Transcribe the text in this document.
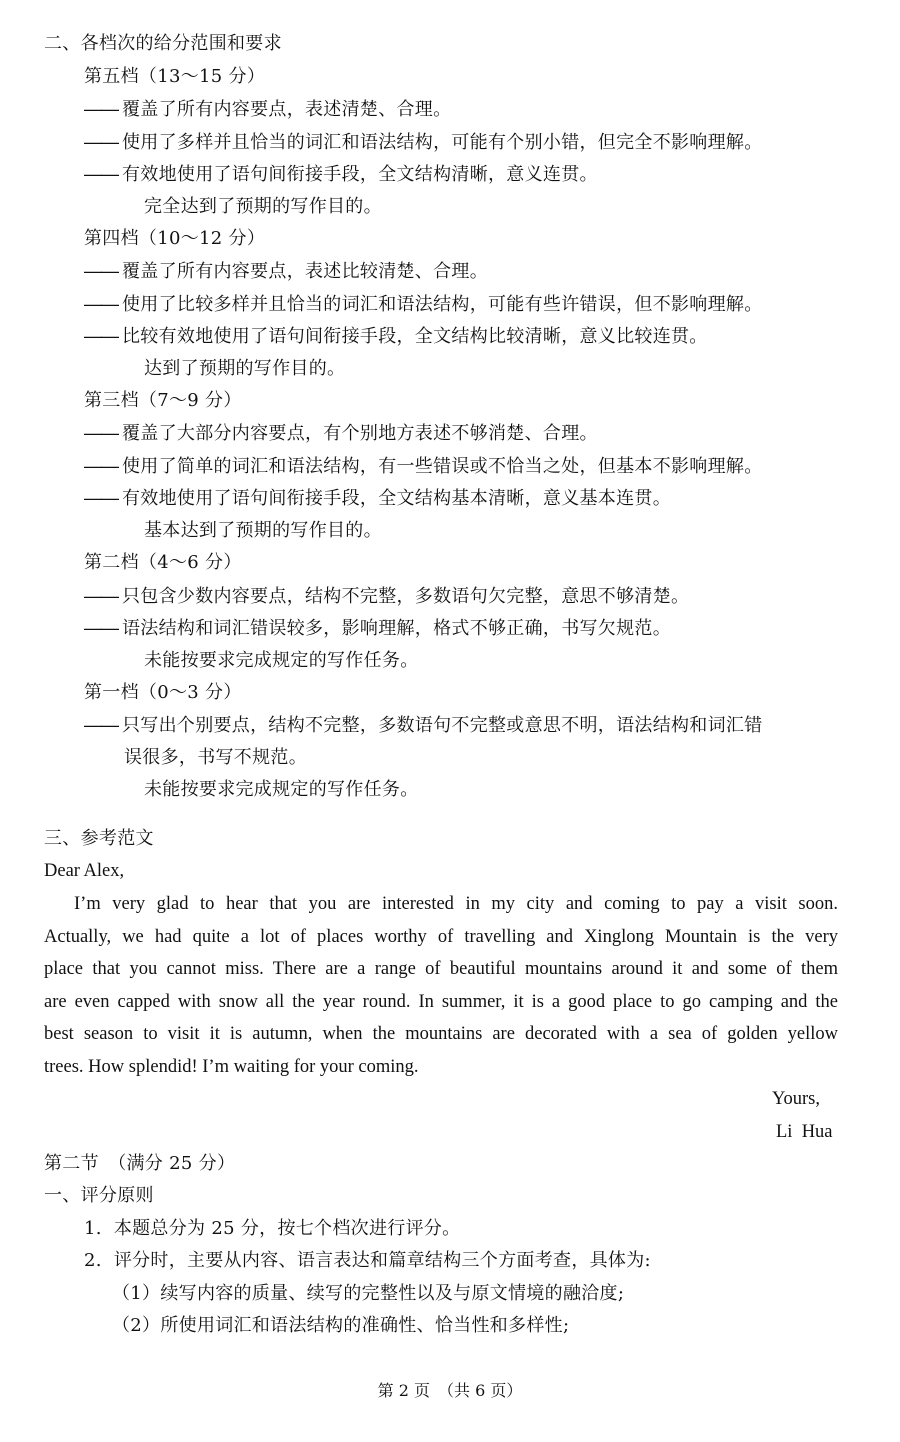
二、各档次的给分范围和要求
第五档（13～15 分）
—— 覆盖了所有内容要点，表述清楚、合理。
—— 使用了多样并且恰当的词汇和语法结构，可能有个别小错，但完全不影响理解。
—— 有效地使用了语句间衔接手段，全文结构清晰，意义连贯。
完全达到了预期的写作目的。
第四档（10～12 分）
—— 覆盖了所有内容要点，表述比较清楚、合理。
—— 使用了比较多样并且恰当的词汇和语法结构，可能有些许错误，但不影响理解。
—— 比较有效地使用了语句间衔接手段，全文结构比较清晰，意义比较连贯。
达到了预期的写作目的。
第三档（7～9 分）
—— 覆盖了大部分内容要点，有个别地方表述不够消楚、合理。
—— 使用了简单的词汇和语法结构，有一些错误或不恰当之处，但基本不影响理解。
—— 有效地使用了语句间衔接手段，全文结构基本清晰，意义基本连贯。
基本达到了预期的写作目的。
第二档（4～6 分）
—— 只包含少数内容要点，结构不完整，多数语句欠完整，意思不够清楚。
—— 语法结构和词汇错误较多，影响理解，格式不够正确，书写欠规范。
未能按要求完成规定的写作任务。
第一档（0～3 分）
—— 只写出个别要点，结构不完整，多数语句不完整或意思不明，语法结构和词汇错
误很多，书写不规范。
未能按要求完成规定的写作任务。
三、参考范文
Dear Alex,
I’m very glad to hear that you are interested in my city and coming to pay a visit soon.
Actually, we had quite a lot of places worthy of travelling and Xinglong Mountain is the very
place that you cannot miss. There are a range of beautiful mountains around it and some of them
are even capped with snow all the year round. In summer, it is a good place to go camping and the
best season to visit it is autumn, when the mountains are decorated with a sea of golden yellow
trees. How splendid! I’m waiting for your coming.
Yours,
Li  Hua
第二节　（满分 25 分）
一、评分原则
1.  本题总分为 25 分，按七个档次进行评分。
2.  评分时，主要从内容、语言表达和篇章结构三个方面考查，具体为:
（1）续写内容的质量、续写的完整性以及与原文情境的融洽度;
（2）所使用词汇和语法结构的准确性、恰当性和多样性;
第 2 页　（共 6 页）
